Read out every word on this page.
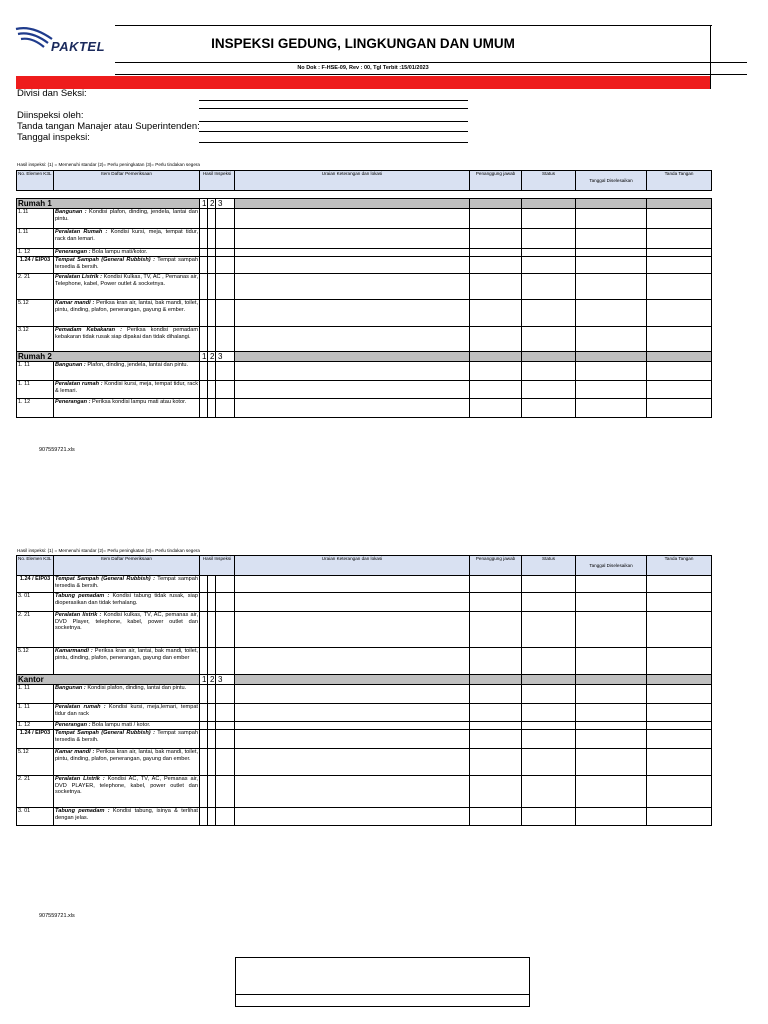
PAKTEL	INSPEKSI GEDUNG, LINGKUNGAN DAN UMUM
No Dok : F-HSE-09, Rev : 00, Tgl Terbit :15/01/2023
Divisi dan Seksi:
Diinspeksi oleh:
Tanda tangan Manajer atau Superintenden:
Tanggal inspeksi:
Hasil inspeksi: (1) = Memenuhi standar (2)= Perlu peningkatan (3)= Perlu tindakan segera
No. Elemen K3L	Item Daftar Pemeriksaan	Hasil Inspeksi			Uraian Keterangan dan lokasi	Penanggung jawab	Status	Tanggal Diselesaikan	Tanda Tangan

Rumah 1		1	2	3					
1.11	Bangunan : Kondisi plafon, dinding, jendela, lantai dan pintu.								
1.11	Peralatan Rumah : Kondisi kursi, meja, tempat tidur, rack dan lemari.								
1. 12	Penerangan : Bola lampu mati/kotor.								
1.24 / EIP03	Tempat Sampah (General Rubbish) : Tempat sampah tersedia & bersih.								
2. 21	Peralatan Listrik : Kondisi Kulkas, TV, AC , Pemanas air, Telephone, kabel, Power outlet & socketnya.								
5.12	Kamar mandi : Periksa kran air, lantai, bak mandi, toilet, pintu, dinding, plafon, penerangan, gayung & ember.								
3.12	Pemadam Kebakaran : Periksa kondisi pemadam kebakaran tidak rusak siap dipakai dan tidak dihalangi.								
Rumah 2		1	2	3					
1. 11	Bangunan : Plafon, dinding, jendela, lantai dan pintu.								
1. 11	Peralatan rumah : Kondisi kursi, meja, tempat tidur, rack & lemari.								
1. 12	Penerangan : Periksa kondisi lampu mati atau kotor.								
907559721.xls
Hasil inspeksi: (1) = Memenuhi standar (2)= Perlu peningkatan (3)= Perlu tindakan segera
No. Elemen K3L	Item Daftar Pemeriksaan	Hasil Inspeksi			Uraian Keterangan dan lokasi	Penanggung jawab	Status	Tanggal Diselesaikan	Tanda Tangan
1.24 / EIP03	Tempat Sampah (General Rubbish) : Tempat sampah tersedia & bersih.								
3. 01	Tabung pemadam : Kondisi tabung tidak rusak, siap dioperasikan dan tidak terhalang.								
2. 21	Peralatan listrik : Kondisi kulkas, TV, AC, pemanas air, DVD Player, telephone, kabel, power outlet dan socketnya.								
5.12	Kamarmandi : Periksa kran air, lantai, bak mandi, toilet, pintu, dinding, plafon, penerangan, gayung dan ember								
Kantor		1	2	3					
1. 11	Bangunan : Kondisi plafon, dinding, lantai dan pintu.								
1. 11	Peralatan rumah : Kondisi kursi, meja,lemari, tempat tidur dan rack								
1. 12	Penerangan : Bola lampu mati / kotor.								
1.24 / EIP03	Tempat Sampah (General Rubbish) : Tempat sampah tersedia & bersih.								
5.12	Kamar mandi : Periksa kran air, lantai, bak mandi, toilet, pintu, dinding, plafon, penerangan, gayung dan ember.								
2. 21	Peralatan Listrik : Kondisi AC, TV, AC, Pemanas air, DVD PLAYER, telephone, kabel, power outlet dan socketnya.								
3. 01	Tabung pemadam : Kondisi tabung, isinya & terlihat dengan jelas.								
907559721.xls
